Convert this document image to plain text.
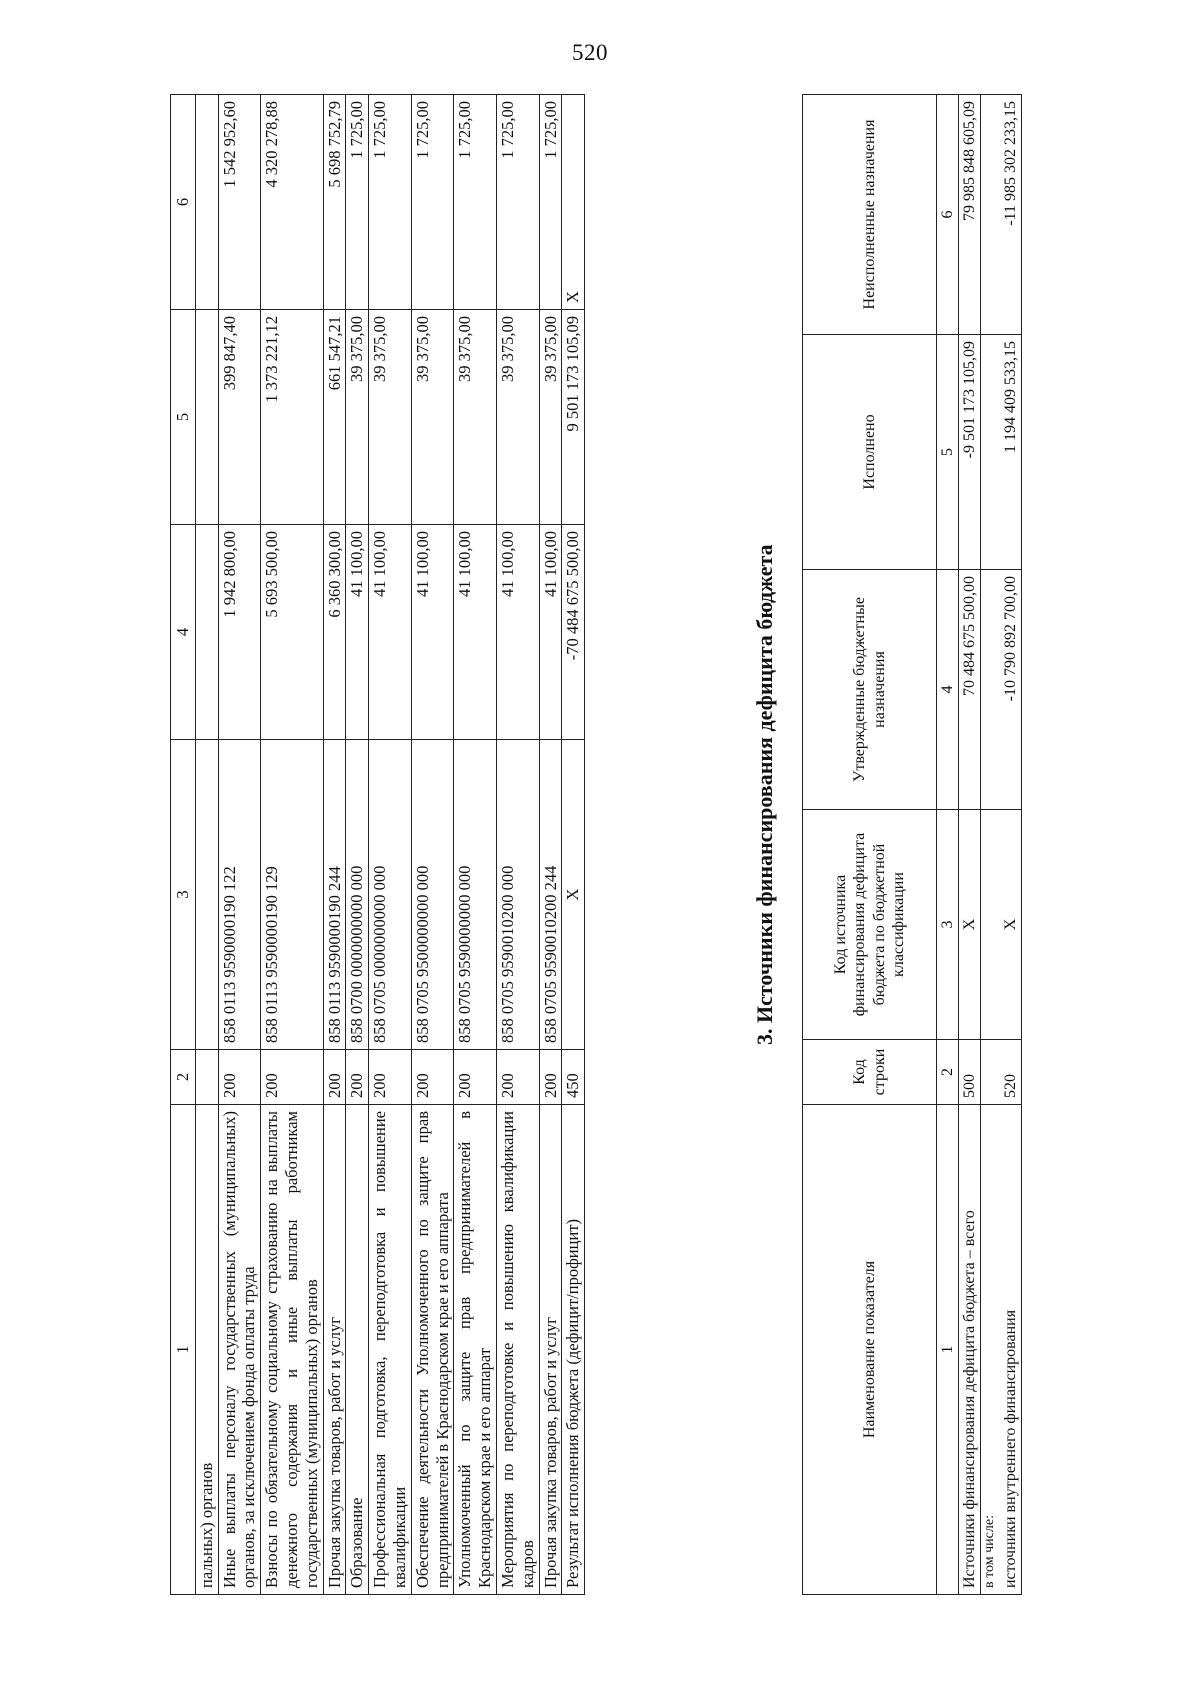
520
1	2	3	4	5	6
пальных) органов					
Иные выплаты персоналу государственных (муниципальных) органов, за исключением фонда оплаты труда	200	858 0113 9590000190 122	1 942 800,00	399 847,40	1 542 952,60
Взносы по обязательному социальному страхованию на выплаты денежного содержания и иные выплаты работникам государственных (муниципальных) органов	200	858 0113 9590000190 129	5 693 500,00	1 373 221,12	4 320 278,88
Прочая закупка товаров, работ и услуг	200	858 0113 9590000190 244	6 360 300,00	661 547,21	5 698 752,79
Образование	200	858 0700 0000000000 000	41 100,00	39 375,00	1 725,00
Профессиональная подготовка, переподготовка и повышение квалификации	200	858 0705 0000000000 000	41 100,00	39 375,00	1 725,00
Обеспечение деятельности Уполномоченного по защите прав предпринимателей в Краснодарском крае и его аппарата	200	858 0705 9500000000 000	41 100,00	39 375,00	1 725,00
Уполномоченный по защите прав предпринимателей в Краснодарском крае и его аппарат	200	858 0705 9590000000 000	41 100,00	39 375,00	1 725,00
Мероприятия по переподготовке и повышению квалификации кадров	200	858 0705 9590010200 000	41 100,00	39 375,00	1 725,00
Прочая закупка товаров, работ и услуг	200	858 0705 9590010200 244	41 100,00	39 375,00	1 725,00
Результат исполнения бюджета (дефицит/профицит)	450	X	-70 484 675 500,00	9 501 173 105,09	X
3. Источники финансирования дефицита бюджета
Наименование показателя	Код строки	Код источника финансирования дефицита бюджета по бюджетной классификации	Утвержденные бюджетные назначения	Исполнено	Неисполненные назначения
1	2	3	4	5	6
Источники финансирования дефицита бюджета – всего	500	X	70 484 675 500,00	-9 501 173 105,09	79 985 848 605,09
в том числе:					
источники внутреннего финансирования	520	X	-10 790 892 700,00	1 194 409 533,15	-11 985 302 233,15
